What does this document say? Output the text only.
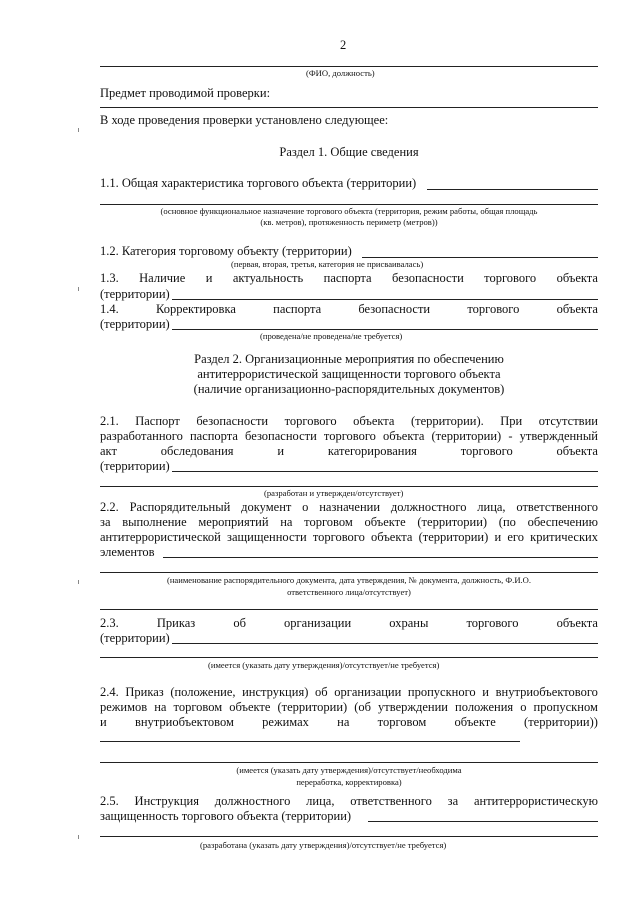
2
(ФИО, должность)
Предмет проводимой проверки:
В ходе проведения проверки установлено следующее:
Раздел 1. Общие сведения
1.1. Общая характеристика торгового объекта (территории)
(основное функциональное назначение торгового объекта (территория, режим работы, общая площадь
(кв. метров), протяженность периметр (метров))
1.2. Категория торговому объекту (территории)
(первая, вторая, третья, категория не присваивалась)
1.3. Наличие и актуальность паспорта безопасности торгового объекта
(территории)
1.4.	Корректировка	паспорта	безопасности	торгового	объекта
(территории)
(проведена/не проведена/не требуется)
Раздел 2. Организационные мероприятия по обеспечению
антитеррористической защищенности торгового объекта
(наличие организационно-распорядительных документов)
2.1. Паспорт безопасности торгового объекта (территории). При отсутствии
разработанного паспорта безопасности торгового объекта (территории) - утвержденный
акт	обследования	и	категорирования	торгового	объекта
(территории)
(разработан и утвержден/отсутствует)
2.2. Распорядительный документ о назначении должностного лица, ответственного
за выполнение мероприятий на торговом объекте (территории) (по обеспечению
антитеррористической защищенности торгового объекта (территории) и его критических
элементов
(наименование распорядительного документа, дата утверждения, № документа, должность, Ф.И.О.
ответственного лица/отсутствует)
2.3.	Приказ	об	организации	охраны	торгового	объекта
(территории)
(имеется (указать дату утверждения)/отсутствует/не требуется)
2.4. Приказ (положение, инструкция) об организации пропускного и внутриобъектового
режимов на торговом объекте (территории) (об утверждении положения о пропускном
и внутриобъектовом режимах на торговом объекте (территории))
(имеется (указать дату утверждения)/отсутствует/необходима
переработка, корректировка)
2.5. Инструкция должностного лица, ответственного за антитеррористическую
защищенность торгового объекта (территории)
(разработана (указать дату утверждения)/отсутствует/не требуется)
